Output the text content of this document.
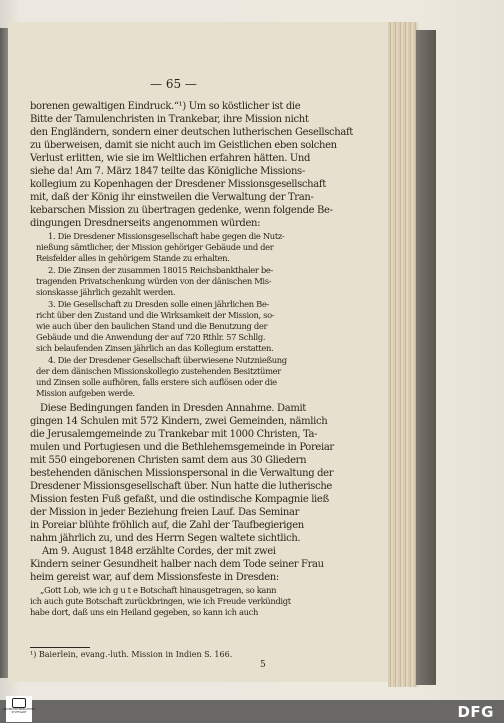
— 65 —
borenen gewaltigen Eindruck.“¹) Um so köstlicher ist die
Bitte der Tamulenchristen in Trankebar, ihre Mission nicht
den Engländern, sondern einer deutschen lutherischen Gesellschaft
zu überweisen, damit sie nicht auch im Geistlichen eben solchen
Verlust erlitten, wie sie im Weltlichen erfahren hätten. Und
siehe da! Am 7. März 1847 teilte das Königliche Missions-
kollegium zu Kopenhagen der Dresdener Missionsgesellschaft
mit, daß der König ihr einstweilen die Verwaltung der Tran-
kebarschen Mission zu übertragen gedenke, wenn folgende Be-
dingungen Dresdnerseits angenommen würden:
1. Die Dresdener Missionsgesellschaft habe gegen die Nutz-
nießung sämtlicher, der Mission gehöriger Gebäude und der
Reisfelder alles in gehörigem Stande zu erhalten.
2. Die Zinsen der zusammen 18015 Reichsbankthaler be-
tragenden Privatschenkung würden von der dänischen Mis-
sionskasse jährlich gezahlt werden.
3. Die Gesellschaft zu Dresden solle einen jährlichen Be-
richt über den Zustand und die Wirksamkeit der Mission, so-
wie auch über den baulichen Stand und die Benutzung der
Gebäude und die Anwendung der auf 720 Rthlr. 57 Schllg.
sich belaufenden Zinsen jährlich an das Kollegium erstatten.
4. Die der Dresdener Gesellschaft überwiesene Nutznießung
der dem dänischen Missionskollegio zustehenden Besitztümer
und Zinsen solle aufhören, falls erstere sich auflösen oder die
Mission aufgeben werde.
Diese Bedingungen fanden in Dresden Annahme. Damit
gingen 14 Schulen mit 572 Kindern, zwei Gemeinden, nämlich
die Jerusalemgemeinde zu Trankebar mit 1000 Christen, Ta-
mulen und Portugiesen und die Bethlehemsgemeinde in Poreiar
mit 550 eingeborenen Christen samt dem aus 30 Gliedern
bestehenden dänischen Missionspersonal in die Verwaltung der
Dresdener Missionsgesellschaft über. Nun hatte die lutherische
Mission festen Fuß gefaßt, und die ostindische Kompagnie ließ
der Mission in jeder Beziehung freien Lauf. Das Seminar
in Poreiar blühte fröhlich auf, die Zahl der Taufbegierigen
nahm jährlich zu, und des Herrn Segen waltete sichtlich.
Am 9. August 1848 erzählte Cordes, der mit zwei
Kindern seiner Gesundheit halber nach dem Tode seiner Frau
heim gereist war, auf dem Missionsfeste in Dresden:
„Gott Lob, wie ich g u t e Botschaft hinausgetragen, so kann
ich auch gute Botschaft zurückbringen, wie ich Freude verkündigt
habe dort, daß uns ein Heiland gegeben, so kann ich auch
¹) Baierlein, evang.-luth. Mission in Indien S. 166.
5
UNIVERSITÄTSBIBLIOTHEK STUTTGART	DFG
